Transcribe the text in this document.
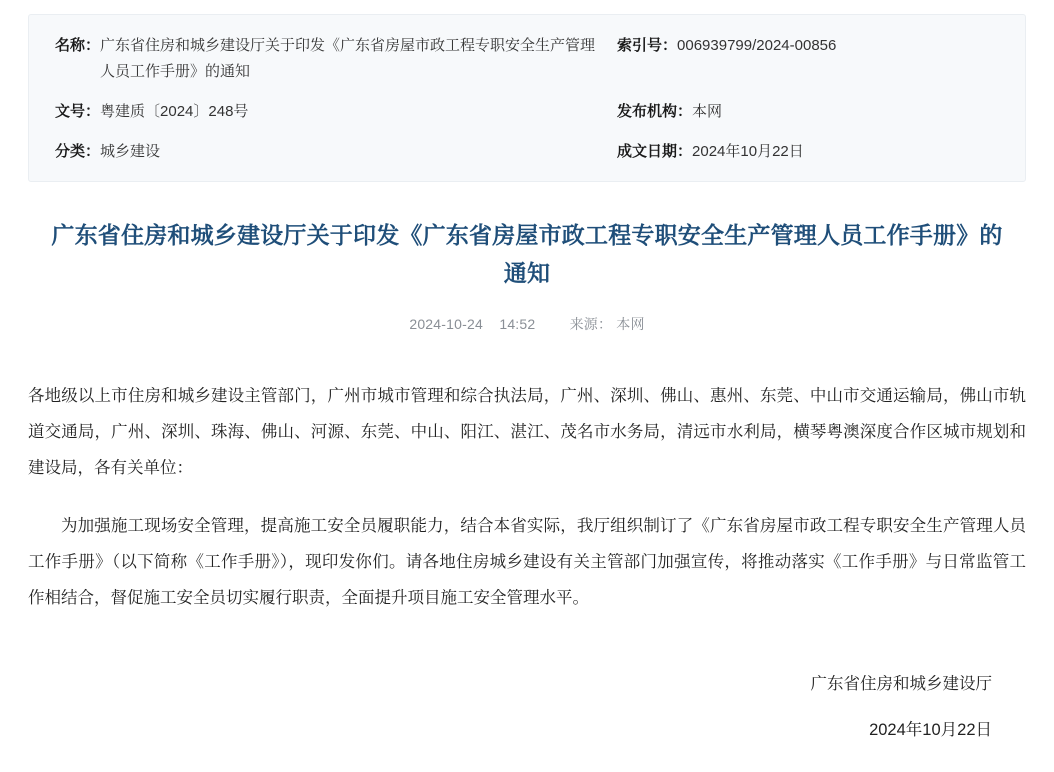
名称： 广东省住房和城乡建设厅关于印发《广东省房屋市政工程专职安全生产管理人员工作手册》的通知
索引号： 006939799/2024-00856
文号： 粤建质〔2024〕248号	发布机构： 本网
分类： 城乡建设	成文日期： 2024年10月22日
广东省住房和城乡建设厅关于印发《广东省房屋市政工程专职安全生产管理人员工作手册》的通知
2024-10-24 14:52 来源： 本网

各地级以上市住房和城乡建设主管部门，广州市城市管理和综合执法局，广州、深圳、佛山、惠州、东莞、中山市交通运输局，佛山市轨道交通局，广州、深圳、珠海、佛山、河源、东莞、中山、阳江、湛江、茂名市水务局，清远市水利局，横琴粤澳深度合作区城市规划和建设局，各有关单位：

为加强施工现场安全管理，提高施工安全员履职能力，结合本省实际，我厅组织制订了《广东省房屋市政工程专职安全生产管理人员工作手册》（以下简称《工作手册》），现印发你们。请各地住房城乡建设有关主管部门加强宣传，将推动落实《工作手册》与日常监管工作相结合，督促施工安全员切实履行职责，全面提升项目施工安全管理水平。

广东省住房和城乡建设厅
2024年10月22日
